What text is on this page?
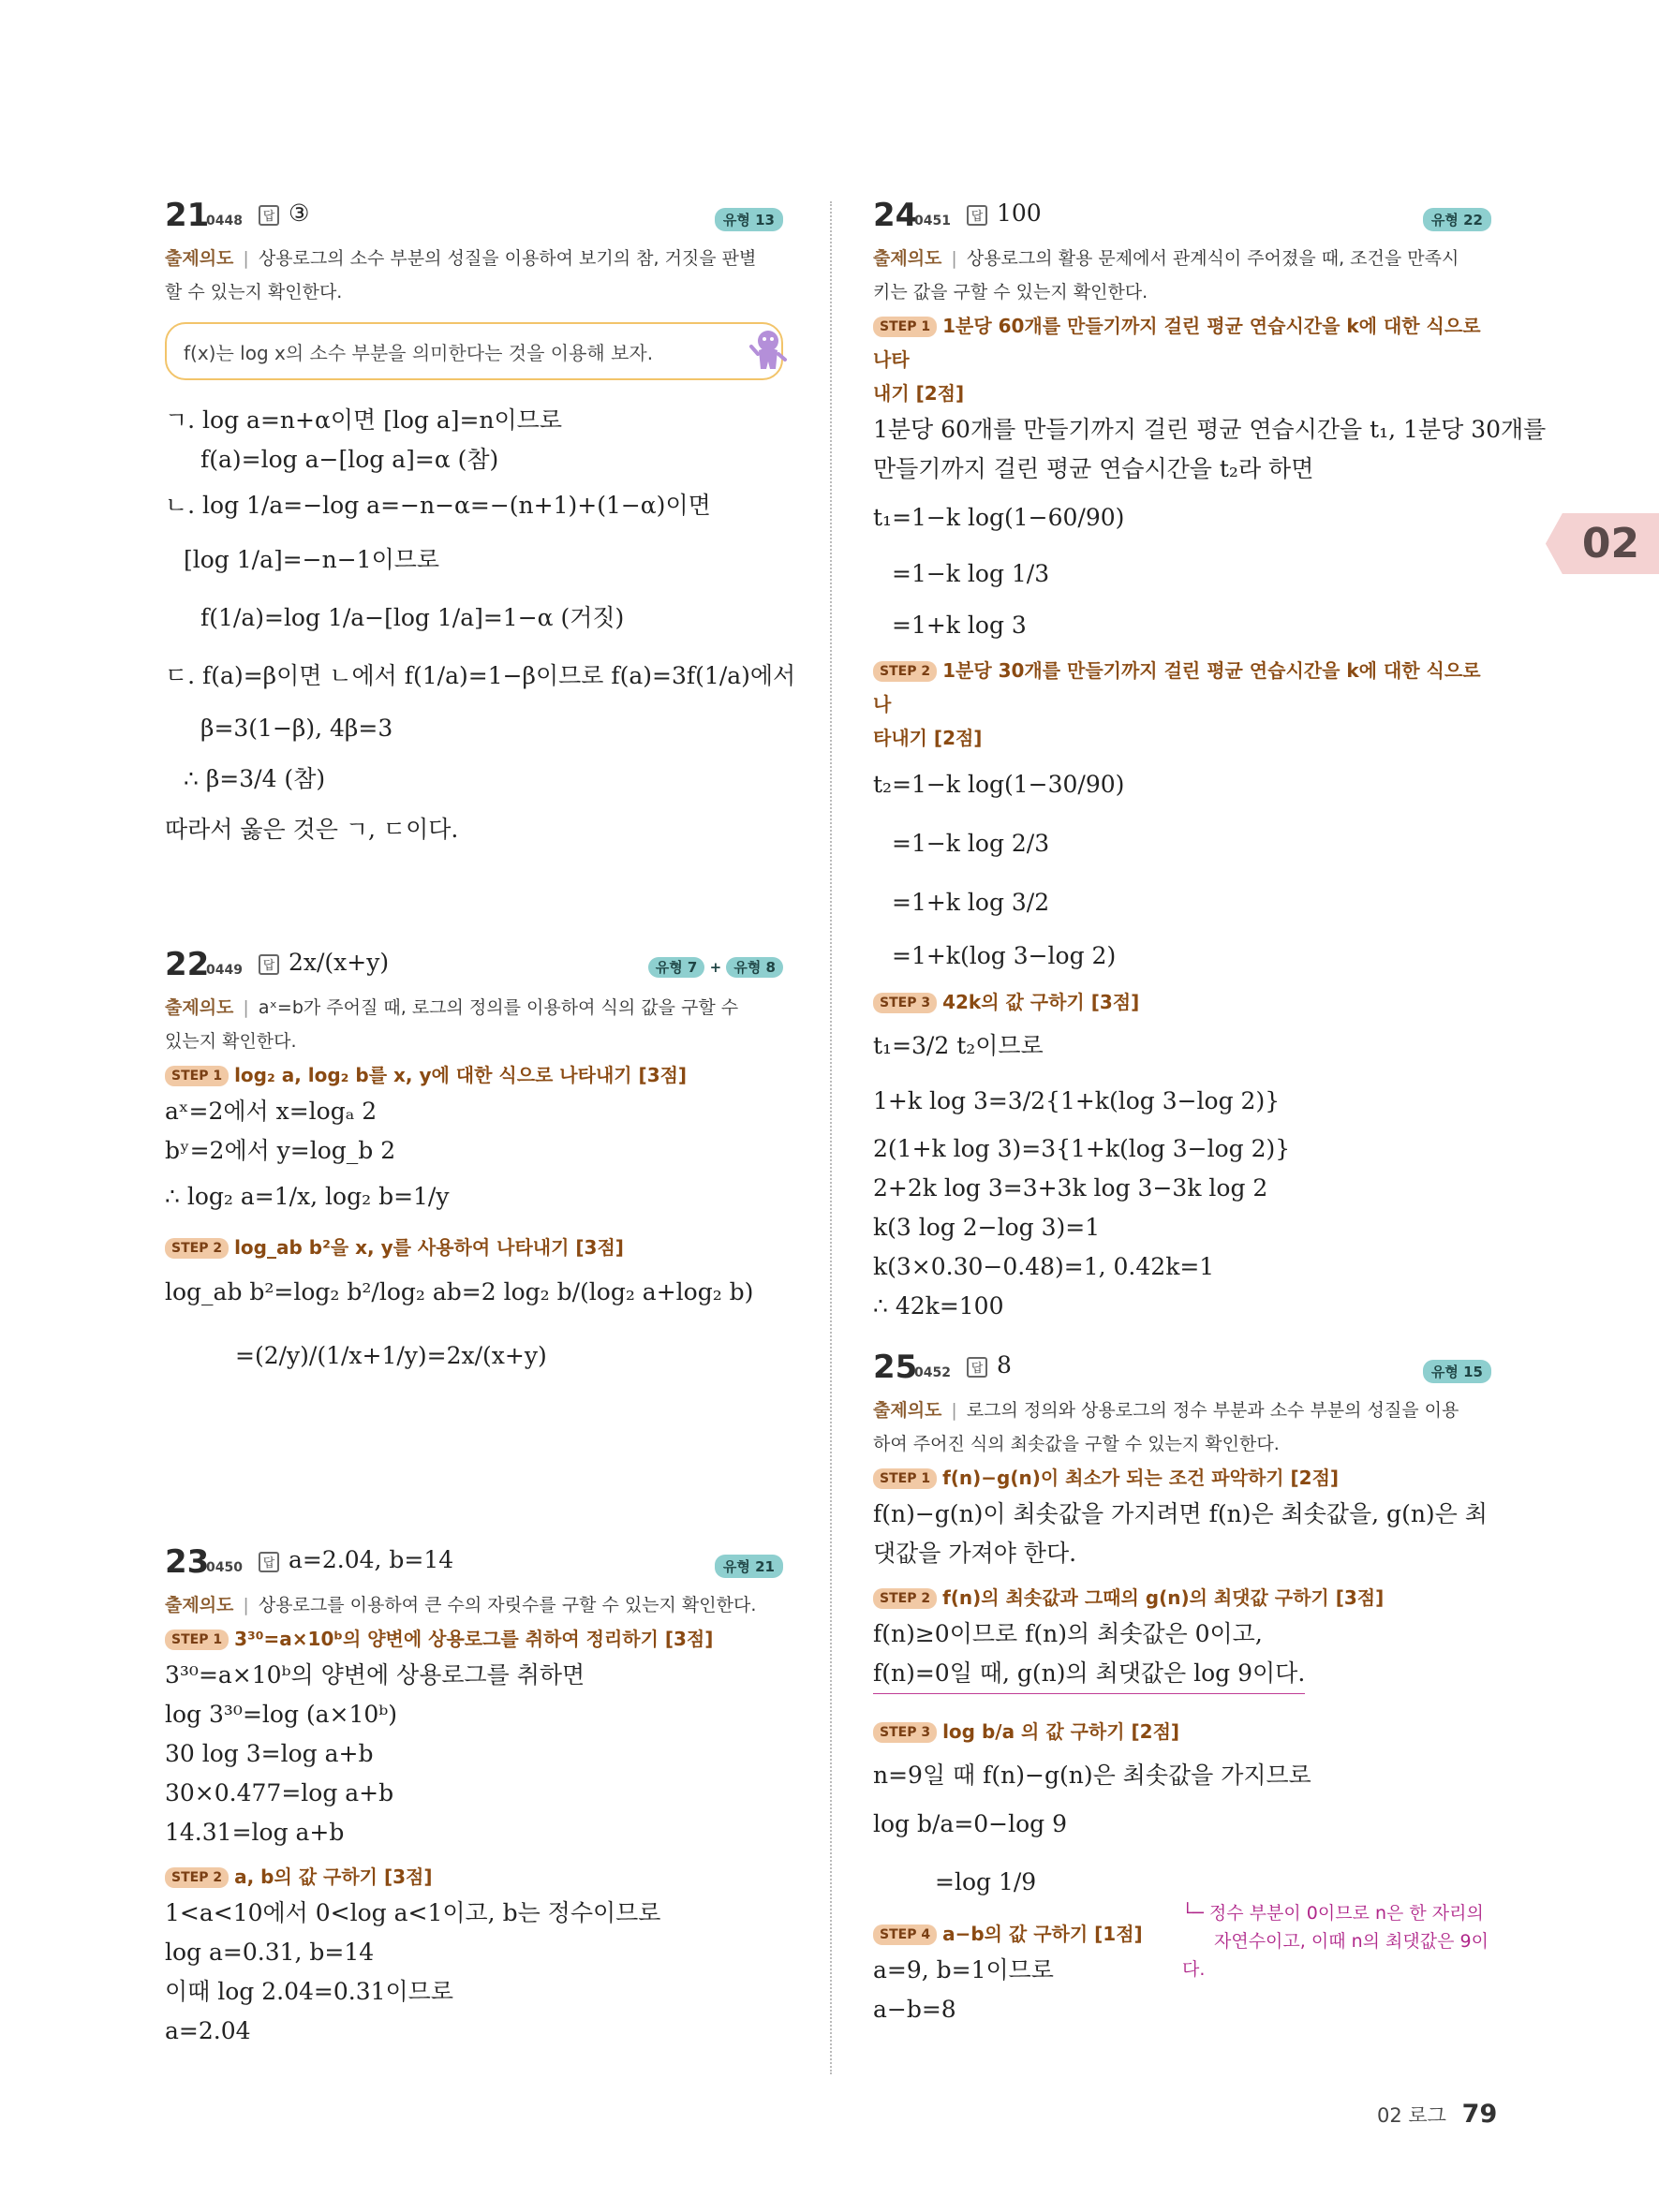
21
0448	답 ③	유형 13
출제의도 | 상용로그의 소수 부분의 성질을 이용하여 보기의 참, 거짓을 판별
할 수 있는지 확인한다.
f(x)는 log x의 소수 부분을 의미한다는 것을 이용해 보자.
ㄱ. log a=n+α이면 [log a]=n이므로
f(a)=log a−[log a]=α (참)
ㄴ. log 1/a=−log a=−n−α=−(n+1)+(1−α)이면
[log 1/a]=−n−1이므로
f(1/a)=log 1/a−[log 1/a]=1−α (거짓)
ㄷ. f(a)=β이면 ㄴ에서 f(1/a)=1−β이므로 f(a)=3f(1/a)에서
β=3(1−β), 4β=3
∴ β=3/4 (참)
따라서 옳은 것은 ㄱ, ㄷ이다.
22
0449	답 2x/(x+y)	유형 7 + 유형 8
출제의도 | aˣ=b가 주어질 때, 로그의 정의를 이용하여 식의 값을 구할 수
있는지 확인한다.
STEP 1 log₂ a, log₂ b를 x, y에 대한 식으로 나타내기 [3점]
aˣ=2에서 x=logₐ 2
bʸ=2에서 y=log_b 2
∴ log₂ a=1/x, log₂ b=1/y
STEP 2 log_ab b²을 x, y를 사용하여 나타내기 [3점]
log_ab b²=log₂ b²/log₂ ab=2 log₂ b/(log₂ a+log₂ b)
=(2/y)/(1/x+1/y)=2x/(x+y)
23
0450	답 a=2.04, b=14	유형 21
출제의도 | 상용로그를 이용하여 큰 수의 자릿수를 구할 수 있는지 확인한다.
STEP 1 3³⁰=a×10ᵇ의 양변에 상용로그를 취하여 정리하기 [3점]
3³⁰=a×10ᵇ의 양변에 상용로그를 취하면
log 3³⁰=log (a×10ᵇ)
30 log 3=log a+b
30×0.477=log a+b
14.31=log a+b
STEP 2 a, b의 값 구하기 [3점]
1<a<10에서 0<log a<1이고, b는 정수이므로
log a=0.31, b=14
이때 log 2.04=0.31이므로
a=2.04
24
0451	답 100	유형 22
출제의도 | 상용로그의 활용 문제에서 관계식이 주어졌을 때, 조건을 만족시
키는 값을 구할 수 있는지 확인한다.
STEP 1 1분당 60개를 만들기까지 걸린 평균 연습시간을 k에 대한 식으로 나타
내기 [2점]
1분당 60개를 만들기까지 걸린 평균 연습시간을 t₁, 1분당 30개를
만들기까지 걸린 평균 연습시간을 t₂라 하면
t₁=1−k log(1−60/90)
=1−k log 1/3
=1+k log 3
STEP 2 1분당 30개를 만들기까지 걸린 평균 연습시간을 k에 대한 식으로 나
타내기 [2점]
t₂=1−k log(1−30/90)
=1−k log 2/3
=1+k log 3/2
=1+k(log 3−log 2)
STEP 3 42k의 값 구하기 [3점]
t₁=3/2 t₂이므로
1+k log 3=3/2{1+k(log 3−log 2)}
2(1+k log 3)=3{1+k(log 3−log 2)}
2+2k log 3=3+3k log 3−3k log 2
k(3 log 2−log 3)=1
k(3×0.30−0.48)=1, 0.42k=1
∴ 42k=100
25
0452	답 8	유형 15
출제의도 | 로그의 정의와 상용로그의 정수 부분과 소수 부분의 성질을 이용
하여 주어진 식의 최솟값을 구할 수 있는지 확인한다.
STEP 1 f(n)−g(n)이 최소가 되는 조건 파악하기 [2점]
f(n)−g(n)이 최솟값을 가지려면 f(n)은 최솟값을, g(n)은 최
댓값을 가져야 한다.
STEP 2 f(n)의 최솟값과 그때의 g(n)의 최댓값 구하기 [3점]
f(n)≥0이므로 f(n)의 최솟값은 0이고,
f(n)=0일 때, g(n)의 최댓값은 log 9이다.
└─ 정수 부분이 0이므로 n은 한 자리의
자연수이고, 이때 n의 최댓값은 9이다.
STEP 3 log b/a 의 값 구하기 [2점]
n=9일 때 f(n)−g(n)은 최솟값을 가지므로
log b/a=0−log 9
=log 1/9
STEP 4 a−b의 값 구하기 [1점]
a=9, b=1이므로
a−b=8
02
02 로그 79
